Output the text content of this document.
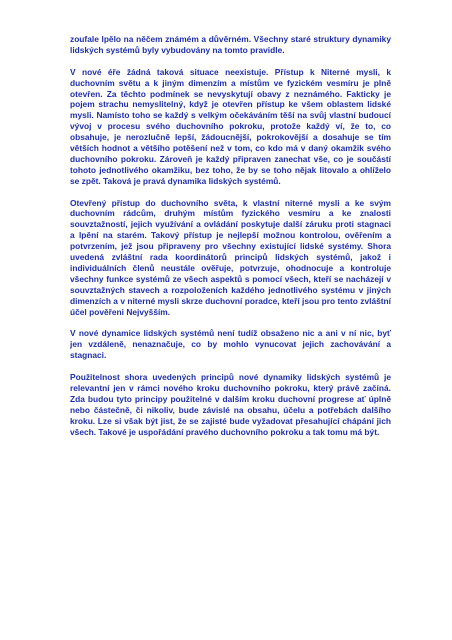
zoufale lpělo na něčem známém a důvěrném. Všechny staré struktury dynamiky lidských systémů byly vybudovány na tomto pravidle.

V nové éře žádná taková situace neexistuje. Přístup k Niterné mysli, k duchovním světu a k jiným dimenzím a místům ve fyzickém vesmíru je plně otevřen. Za těchto podmínek se nevyskytují obavy z neznámého. Fakticky je pojem strachu nemyslitelný, když je otevřen přístup ke všem oblastem lidské mysli. Namísto toho se každý s velkým očekáváním těší na svůj vlastní budoucí vývoj v procesu svého duchovního pokroku, protože každý ví, že to, co obsahuje, je nerozlučně lepší, žádoucnější, pokrokovější a dosahuje se tím větších hodnot a většího potěšení než v tom, co kdo má v daný okamžik svého duchovního pokroku. Zároveň je každý připraven zanechat vše, co je součástí tohoto jednotlivého okamžiku, bez toho, že by se toho nějak litovalo a ohlíželo se zpět. Taková je pravá dynamika lidských systémů.

Otevřený přístup do duchovního světa, k vlastní niterné mysli a ke svým duchovním rádcům, druhým místům fyzického vesmíru a ke znalosti souvztažností, jejich využívání a ovládání poskytuje další záruku proti stagnaci a lpění na starém. Takový přístup je nejlepší možnou kontrolou, ověřením a potvrzením, jež jsou připraveny pro všechny existující lidské systémy. Shora uvedená zvláštní rada koordinátorů principů lidských systémů, jakož i individuálních členů neustále ověřuje, potvrzuje, ohodnocuje a kontroluje všechny funkce systémů ze všech aspektů s pomocí všech, kteří se nacházejí v souvztažných stavech a rozpoloženích každého jednotlivého systému v jiných dimenzích a v niterné mysli skrze duchovní poradce, kteří jsou pro tento zvláštní účel pověřeni Nejvyšším.

V nové dynamice lidských systémů není tudíž obsaženo nic a ani v ní nic, byť jen vzdáleně, nenaznačuje, co by mohlo vynucovat jejich zachovávání a stagnaci.

Použitelnost shora uvedených principů nové dynamiky lidských systémů je relevantní jen v rámci nového kroku duchovního pokroku, který právě začíná. Zda budou tyto principy použitelné v dalším kroku duchovní progrese ať úplně nebo částečně, či nikoliv, bude závislé na obsahu, účelu a potřebách dalšího kroku. Lze si však být jist, že se zajisté bude vyžadovat přesahující chápání jich všech. Takové je uspořádání pravého duchovního pokroku a tak tomu má být.
